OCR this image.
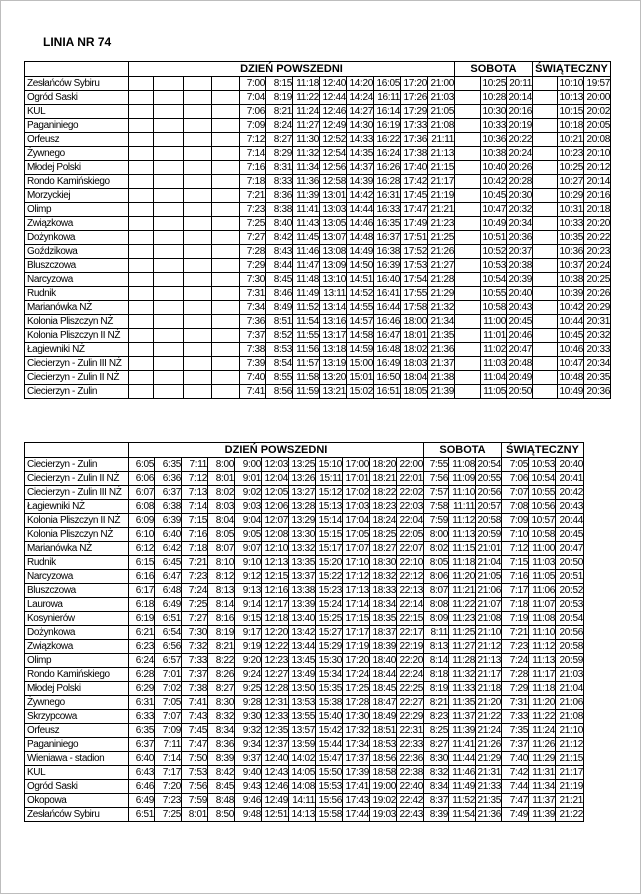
LINIA NR 74
	DZIEŃ POWSZEDNI												SOBOTA			ŚWIĄTECZNY		
Zesłańców Sybiru					7:00	8:15	11:18	12:40	14:20	16:05	17:20	21:00		10:25	20:11		10:10	19:57
Ogród Saski					7:04	8:19	11:22	12:44	14:24	16:11	17:26	21:03		10:28	20:14		10:13	20:00
KUL					7:06	8:21	11:24	12:46	14:27	16:14	17:29	21:05		10:30	20:16		10:15	20:02
Paganiniego					7:09	8:24	11:27	12:49	14:30	16:19	17:33	21:08		10:33	20:19		10:18	20:05
Orfeusz					7:12	8:27	11:30	12:52	14:33	16:22	17:36	21:11		10:36	20:22		10:21	20:08
Żywnego					7:14	8:29	11:32	12:54	14:35	16:24	17:38	21:13		10:38	20:24		10:23	20:10
Młodej Polski					7:16	8:31	11:34	12:56	14:37	16:26	17:40	21:15		10:40	20:26		10:25	20:12
Rondo Kamińskiego					7:18	8:33	11:36	12:58	14:39	16:28	17:42	21:17		10:42	20:28		10:27	20:14
Morzyckiej					7:21	8:36	11:39	13:01	14:42	16:31	17:45	21:19		10:45	20:30		10:29	20:16
Olimp					7:23	8:38	11:41	13:03	14:44	16:33	17:47	21:21		10:47	20:32		10:31	20:18
Związkowa					7:25	8:40	11:43	13:05	14:46	16:35	17:49	21:23		10:49	20:34		10:33	20:20
Dożynkowa					7:27	8:42	11:45	13:07	14:48	16:37	17:51	21:25		10:51	20:36		10:35	20:22
Goździkowa					7:28	8:43	11:46	13:08	14:49	16:38	17:52	21:26		10:52	20:37		10:36	20:23
Bluszczowa					7:29	8:44	11:47	13:09	14:50	16:39	17:53	21:27		10:53	20:38		10:37	20:24
Narcyzowa					7:30	8:45	11:48	13:10	14:51	16:40	17:54	21:28		10:54	20:39		10:38	20:25
Rudnik					7:31	8:46	11:49	13:11	14:52	16:41	17:55	21:29		10:55	20:40		10:39	20:26
Marianówka NŻ					7:34	8:49	11:52	13:14	14:55	16:44	17:58	21:32		10:58	20:43		10:42	20:29
Kolonia Pliszczyn NŻ					7:36	8:51	11:54	13:16	14:57	16:46	18:00	21:34		11:00	20:45		10:44	20:31
Kolonia Pliszczyn II NŻ					7:37	8:52	11:55	13:17	14:58	16:47	18:01	21:35		11:01	20:46		10:45	20:32
Łagiewniki NŻ					7:38	8:53	11:56	13:18	14:59	16:48	18:02	21:36		11:02	20:47		10:46	20:33
Ciecierzyn - Zulin III NŻ					7:39	8:54	11:57	13:19	15:00	16:49	18:03	21:37		11:03	20:48		10:47	20:34
Ciecierzyn - Zulin II NŻ					7:40	8:55	11:58	13:20	15:01	16:50	18:04	21:38		11:04	20:49		10:48	20:35
Ciecierzyn - Zulin					7:41	8:56	11:59	13:21	15:02	16:51	18:05	21:39		11:05	20:50		10:49	20:36
	DZIEŃ POWSZEDNI											SOBOTA			ŚWIĄTECZNY		
Ciecierzyn - Zulin	6:05	6:35	7:11	8:00	9:00	12:03	13:25	15:10	17:00	18:20	22:00	7:55	11:08	20:54	7:05	10:53	20:40
Ciecierzyn - Zulin II NŻ	6:06	6:36	7:12	8:01	9:01	12:04	13:26	15:11	17:01	18:21	22:01	7:56	11:09	20:55	7:06	10:54	20:41
Ciecierzyn - Zulin III NŻ	6:07	6:37	7:13	8:02	9:02	12:05	13:27	15:12	17:02	18:22	22:02	7:57	11:10	20:56	7:07	10:55	20:42
Łagiewniki NŻ	6:08	6:38	7:14	8:03	9:03	12:06	13:28	15:13	17:03	18:23	22:03	7:58	11:11	20:57	7:08	10:56	20:43
Kolonia Pliszczyn II NŻ	6:09	6:39	7:15	8:04	9:04	12:07	13:29	15:14	17:04	18:24	22:04	7:59	11:12	20:58	7:09	10:57	20:44
Kolonia Pliszczyn NŻ	6:10	6:40	7:16	8:05	9:05	12:08	13:30	15:15	17:05	18:25	22:05	8:00	11:13	20:59	7:10	10:58	20:45
Marianówka NŻ	6:12	6:42	7:18	8:07	9:07	12:10	13:32	15:17	17:07	18:27	22:07	8:02	11:15	21:01	7:12	11:00	20:47
Rudnik	6:15	6:45	7:21	8:10	9:10	12:13	13:35	15:20	17:10	18:30	22:10	8:05	11:18	21:04	7:15	11:03	20:50
Narcyzowa	6:16	6:47	7:23	8:12	9:12	12:15	13:37	15:22	17:12	18:32	22:12	8:06	11:20	21:05	7:16	11:05	20:51
Bluszczowa	6:17	6:48	7:24	8:13	9:13	12:16	13:38	15:23	17:13	18:33	22:13	8:07	11:21	21:06	7:17	11:06	20:52
Laurowa	6:18	6:49	7:25	8:14	9:14	12:17	13:39	15:24	17:14	18:34	22:14	8:08	11:22	21:07	7:18	11:07	20:53
Kosynierów	6:19	6:51	7:27	8:16	9:15	12:18	13:40	15:25	17:15	18:35	22:15	8:09	11:23	21:08	7:19	11:08	20:54
Dożynkowa	6:21	6:54	7:30	8:19	9:17	12:20	13:42	15:27	17:17	18:37	22:17	8:11	11:25	21:10	7:21	11:10	20:56
Związkowa	6:23	6:56	7:32	8:21	9:19	12:22	13:44	15:29	17:19	18:39	22:19	8:13	11:27	21:12	7:23	11:12	20:58
Olimp	6:24	6:57	7:33	8:22	9:20	12:23	13:45	15:30	17:20	18:40	22:20	8:14	11:28	21:13	7:24	11:13	20:59
Rondo Kamińskiego	6:28	7:01	7:37	8:26	9:24	12:27	13:49	15:34	17:24	18:44	22:24	8:18	11:32	21:17	7:28	11:17	21:03
Młodej Polski	6:29	7:02	7:38	8:27	9:25	12:28	13:50	15:35	17:25	18:45	22:25	8:19	11:33	21:18	7:29	11:18	21:04
Żywnego	6:31	7:05	7:41	8:30	9:28	12:31	13:53	15:38	17:28	18:47	22:27	8:21	11:35	21:20	7:31	11:20	21:06
Skrzypcowa	6:33	7:07	7:43	8:32	9:30	12:33	13:55	15:40	17:30	18:49	22:29	8:23	11:37	21:22	7:33	11:22	21:08
Orfeusz	6:35	7:09	7:45	8:34	9:32	12:35	13:57	15:42	17:32	18:51	22:31	8:25	11:39	21:24	7:35	11:24	21:10
Paganiniego	6:37	7:11	7:47	8:36	9:34	12:37	13:59	15:44	17:34	18:53	22:33	8:27	11:41	21:26	7:37	11:26	21:12
Wieniawa - stadion	6:40	7:14	7:50	8:39	9:37	12:40	14:02	15:47	17:37	18:56	22:36	8:30	11:44	21:29	7:40	11:29	21:15
KUL	6:43	7:17	7:53	8:42	9:40	12:43	14:05	15:50	17:39	18:58	22:38	8:32	11:46	21:31	7:42	11:31	21:17
Ogród Saski	6:46	7:20	7:56	8:45	9:43	12:46	14:08	15:53	17:41	19:00	22:40	8:34	11:49	21:33	7:44	11:34	21:19
Okopowa	6:49	7:23	7:59	8:48	9:46	12:49	14:11	15:56	17:43	19:02	22:42	8:37	11:52	21:35	7:47	11:37	21:21
Zesłańców Sybiru	6:51	7:25	8:01	8:50	9:48	12:51	14:13	15:58	17:44	19:03	22:43	8:39	11:54	21:36	7:49	11:39	21:22
